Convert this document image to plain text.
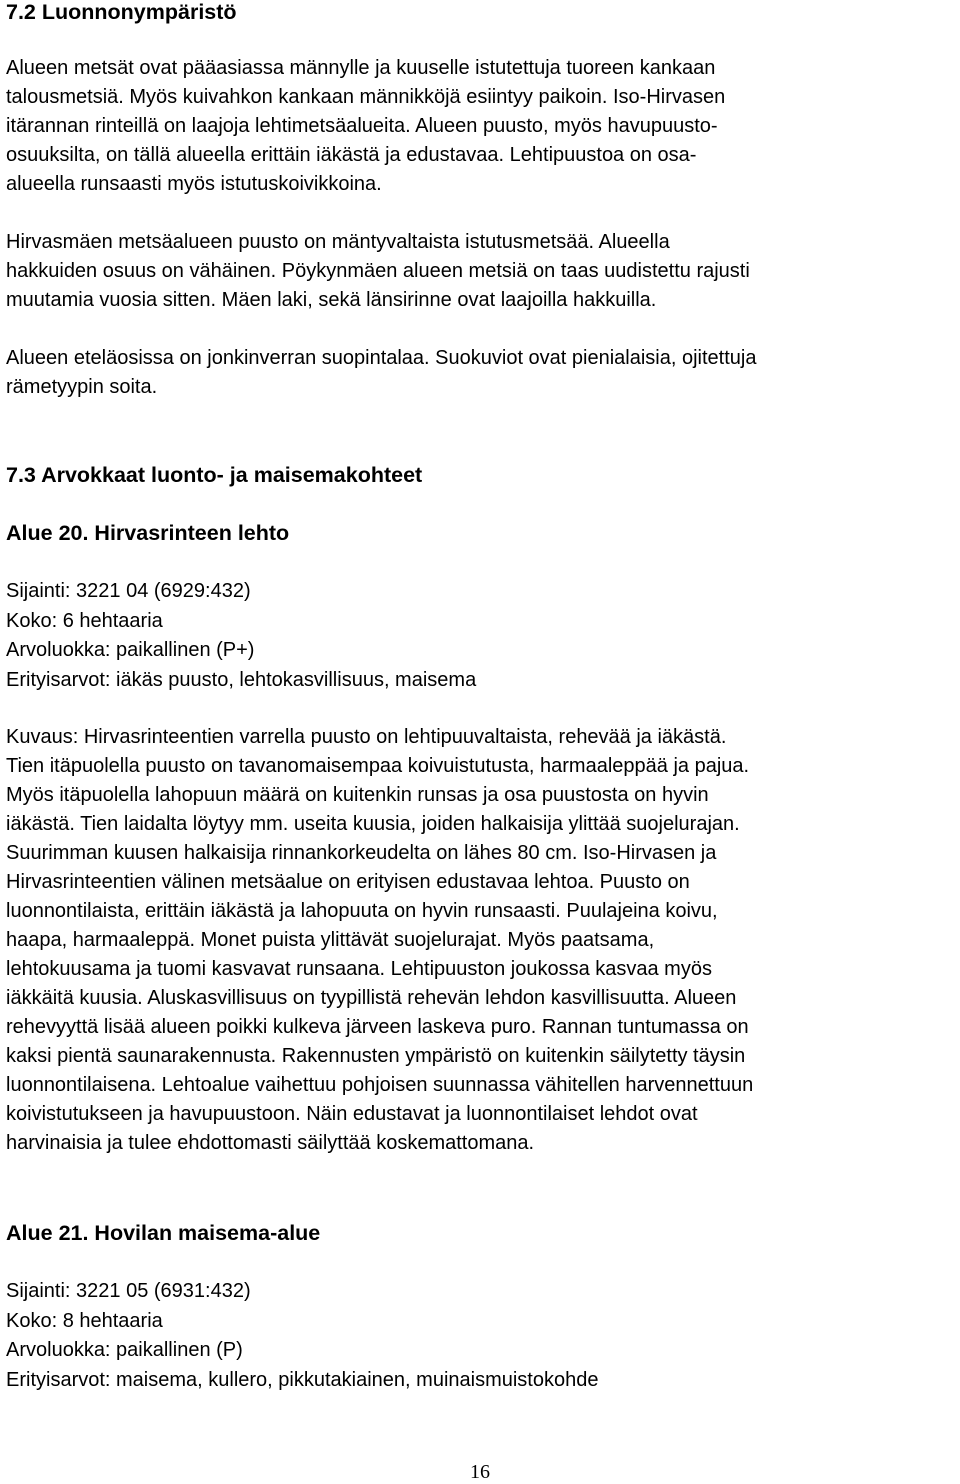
7.2 Luonnonympäristö

Alueen metsät ovat pääasiassa männylle ja kuuselle istutettuja tuoreen kankaan
talousmetsiä. Myös kuivahkon kankaan männikköjä esiintyy paikoin. Iso-Hirvasen
itärannan rinteillä on laajoja lehtimetsäalueita. Alueen puusto, myös havupuusto-
osuuksilta, on tällä alueella erittäin iäkästä ja edustavaa. Lehtipuustoa on osa-
alueella runsaasti myös istutuskoivikkoina.

Hirvasmäen metsäalueen puusto on mäntyvaltaista istutusmetsää. Alueella
hakkuiden osuus on vähäinen. Pöykynmäen alueen metsiä on taas uudistettu rajusti
muutamia vuosia sitten. Mäen laki, sekä länsirinne ovat laajoilla hakkuilla.

Alueen eteläosissa on jonkinverran suopintalaa. Suokuviot ovat pienialaisia, ojitettuja
rämetyypin soita.

7.3 Arvokkaat luonto- ja maisemakohteet
Alue 20. Hirvasrinteen lehto
Sijainti: 3221 04 (6929:432)
Koko: 6 hehtaaria
Arvoluokka: paikallinen (P+)
Erityisarvot: iäkäs puusto, lehtokasvillisuus, maisema

Kuvaus: Hirvasrinteentien varrella puusto on lehtipuuvaltaista, rehevää ja iäkästä.
Tien itäpuolella puusto on tavanomaisempaa koivuistutusta, harmaaleppää ja pajua.
Myös itäpuolella lahopuun määrä on kuitenkin runsas ja osa puustosta on hyvin
iäkästä. Tien laidalta löytyy mm. useita kuusia, joiden halkaisija ylittää suojelurajan.
Suurimman kuusen halkaisija rinnankorkeudelta on lähes 80 cm. Iso-Hirvasen ja
Hirvasrinteentien välinen metsäalue on erityisen edustavaa lehtoa. Puusto on
luonnontilaista, erittäin iäkästä ja lahopuuta on hyvin runsaasti. Puulajeina koivu,
haapa, harmaaleppä. Monet puista ylittävät suojelurajat. Myös paatsama,
lehtokuusama ja tuomi kasvavat runsaana. Lehtipuuston joukossa kasvaa myös
iäkkäitä kuusia. Aluskasvillisuus on tyypillistä rehevän lehdon kasvillisuutta. Alueen
rehevyyttä lisää alueen poikki kulkeva järveen laskeva puro. Rannan tuntumassa on
kaksi pientä saunarakennusta. Rakennusten ympäristö on kuitenkin säilytetty täysin
luonnontilaisena. Lehtoalue vaihettuu pohjoisen suunnassa vähitellen harvennettuun
koivistutukseen ja havupuustoon. Näin edustavat ja luonnontilaiset lehdot ovat
harvinaisia ja tulee ehdottomasti säilyttää koskemattomana.

Alue 21. Hovilan maisema-alue
Sijainti: 3221 05 (6931:432)
Koko: 8 hehtaaria
Arvoluokka: paikallinen (P)
Erityisarvot: maisema, kullero, pikkutakiainen, muinaismuistokohde
16
